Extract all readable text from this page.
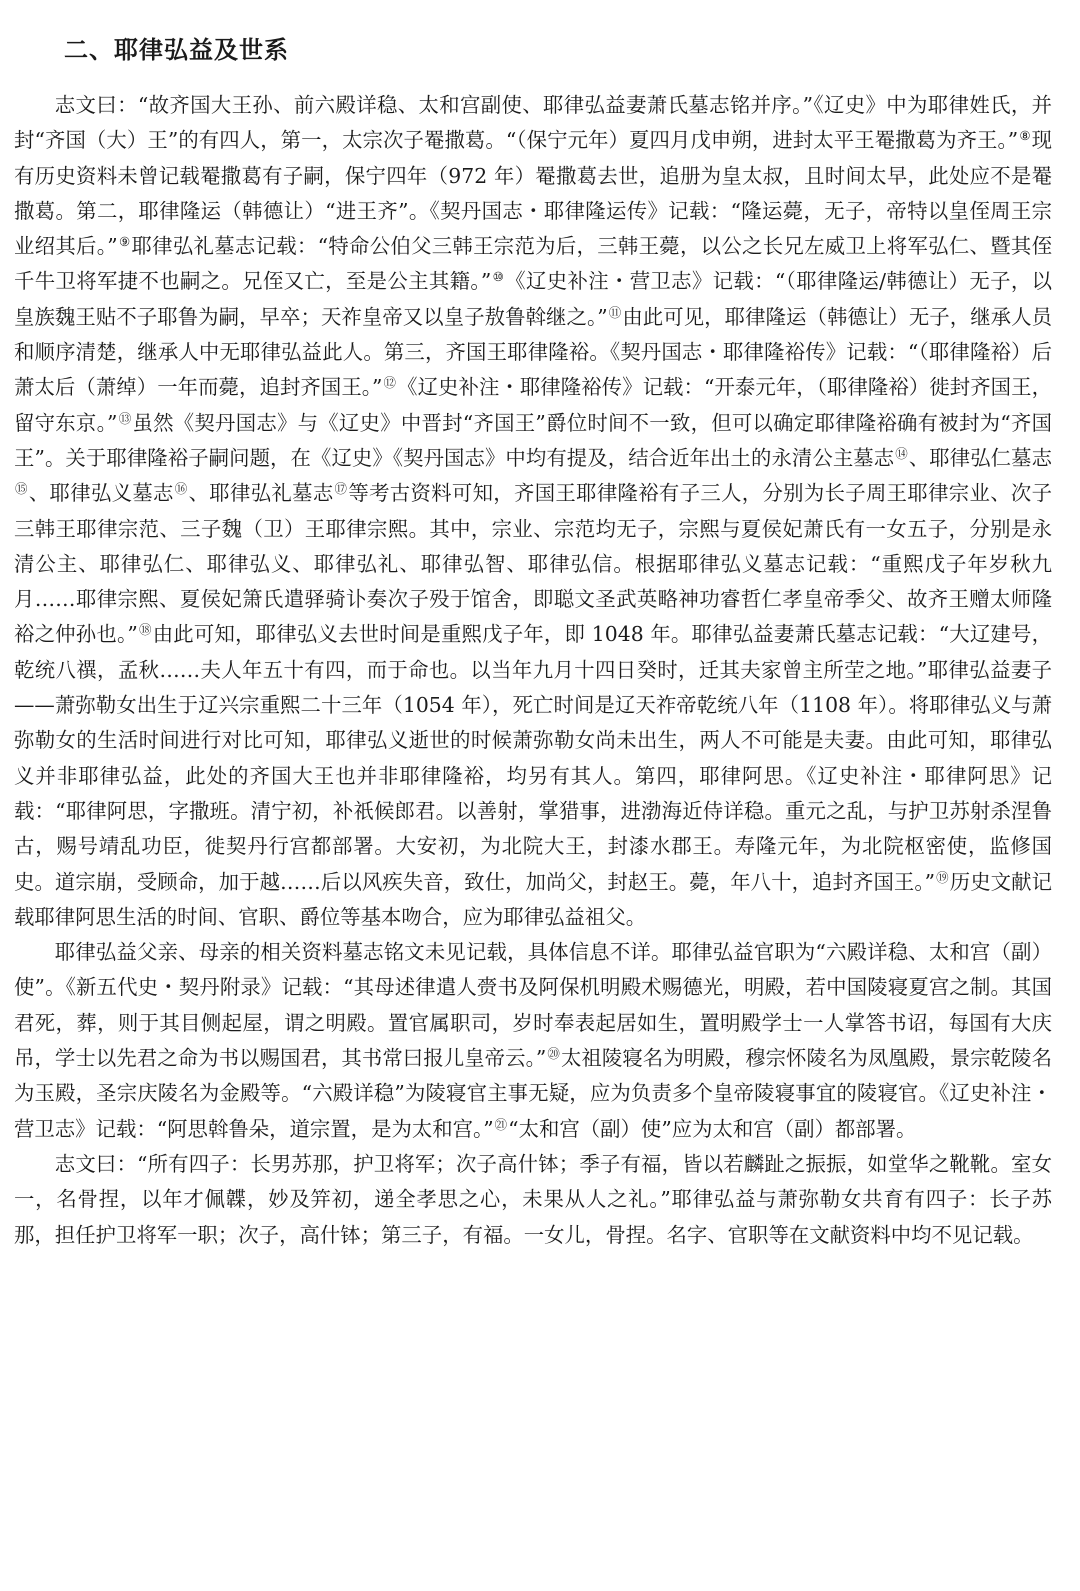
二、耶律弘益及世系

志文曰：“故齐国大王孙、前六殿详稳、太和宫副使、耶律弘益妻萧氏墓志铭并序。”《辽史》中为耶律姓氏，并封“齐国（大）王”的有四人，第一，太宗次子罨撒葛。“（保宁元年）夏四月戊申朔，进封太平王罨撒葛为齐王。”⑧现有历史资料未曾记载罨撒葛有子嗣，保宁四年（972 年）罨撒葛去世，追册为皇太叔，且时间太早，此处应不是罨撒葛。第二，耶律隆运（韩德让）“进王齐”。《契丹国志・耶律隆运传》记载：“隆运薨，无子，帝特以皇侄周王宗业绍其后。”⑨耶律弘礼墓志记载：“特命公伯父三韩王宗范为后，三韩王薨，以公之长兄左威卫上将军弘仁、暨其侄千牛卫将军捷不也嗣之。兄侄又亡，至是公主其籍。”⑩《辽史补注・营卫志》记载：“（耶律隆运/韩德让）无子，以皇族魏王贴不子耶鲁为嗣，早卒；天祚皇帝又以皇子敖鲁斡继之。”⑪由此可见，耶律隆运（韩德让）无子，继承人员和顺序清楚，继承人中无耶律弘益此人。第三，齐国王耶律隆裕。《契丹国志・耶律隆裕传》记载：“（耶律隆裕）后萧太后（萧绰）一年而薨，追封齐国王。”⑫《辽史补注・耶律隆裕传》记载：“开泰元年，（耶律隆裕）徙封齐国王，留守东京。”⑬虽然《契丹国志》与《辽史》中晋封“齐国王”爵位时间不一致，但可以确定耶律隆裕确有被封为“齐国王”。关于耶律隆裕子嗣问题，在《辽史》《契丹国志》中均有提及，结合近年出土的永清公主墓志⑭、耶律弘仁墓志⑮、耶律弘义墓志⑯、耶律弘礼墓志⑰等考古资料可知，齐国王耶律隆裕有子三人，分别为长子周王耶律宗业、次子三韩王耶律宗范、三子魏（卫）王耶律宗熙。其中，宗业、宗范均无子，宗熙与夏侯妃萧氏有一女五子，分别是永清公主、耶律弘仁、耶律弘义、耶律弘礼、耶律弘智、耶律弘信。根据耶律弘义墓志记载：“重熙戊子年岁秋九月……耶律宗熙、夏侯妃箫氏遣驿骑讣奏次子殁于馆舍，即聪文圣武英略神功睿哲仁孝皇帝季父、故齐王赠太师隆裕之仲孙也。”⑱由此可知，耶律弘义去世时间是重熙戊子年，即 1048 年。耶律弘益妻萧氏墓志记载：“大辽建号，乾统八禩，孟秋……夫人年五十有四，而于命也。以当年九月十四日癸时，迁其夫家曾主所茔之地。”耶律弘益妻子——萧弥勒女出生于辽兴宗重熙二十三年（1054 年），死亡时间是辽天祚帝乾统八年（1108 年）。将耶律弘义与萧弥勒女的生活时间进行对比可知，耶律弘义逝世的时候萧弥勒女尚未出生，两人不可能是夫妻。由此可知，耶律弘义并非耶律弘益，此处的齐国大王也并非耶律隆裕，均另有其人。第四，耶律阿思。《辽史补注・耶律阿思》记载：“耶律阿思，字撒班。清宁初，补祇候郎君。以善射，掌猎事，进渤海近侍详稳。重元之乱，与护卫苏射杀涅鲁古，赐号靖乱功臣，徙契丹行宫都部署。大安初，为北院大王，封漆水郡王。寿隆元年，为北院枢密使，监修国史。道宗崩，受顾命，加于越……后以风疾失音，致仕，加尚父，封赵王。薨，年八十，追封齐国王。”⑲历史文献记载耶律阿思生活的时间、官职、爵位等基本吻合，应为耶律弘益祖父。

耶律弘益父亲、母亲的相关资料墓志铭文未见记载，具体信息不详。耶律弘益官职为“六殿详稳、太和宫（副）使”。《新五代史・契丹附录》记载：“其母述律遣人赍书及阿保机明殿术赐德光，明殿，若中国陵寝夏宫之制。其国君死，葬，则于其目侧起屋，谓之明殿。置官属职司，岁时奉表起居如生，置明殿学士一人掌答书诏，每国有大庆吊，学士以先君之命为书以赐国君，其书常曰报儿皇帝云。”⑳太祖陵寝名为明殿，穆宗怀陵名为凤凰殿，景宗乾陵名为玉殿，圣宗庆陵名为金殿等。“六殿详稳”为陵寝官主事无疑，应为负责多个皇帝陵寝事宜的陵寝官。《辽史补注・营卫志》记载：“阿思斡鲁朵，道宗置，是为太和宫。”$^㉑$“太和宫（副）使”应为太和宫（副）都部署。

志文曰：“所有四子：长男苏那，护卫将军；次子高什钵；季子有福，皆以若麟趾之振振，如堂华之靴靴。室女一，名骨捏，以年才佩韘，妙及笄初，递全孝思之心，未果从人之礼。”耶律弘益与萧弥勒女共育有四子：长子苏那，担任护卫将军一职；次子，高什钵；第三子，有福。一女儿，骨捏。名字、官职等在文献资料中均不见记载。
